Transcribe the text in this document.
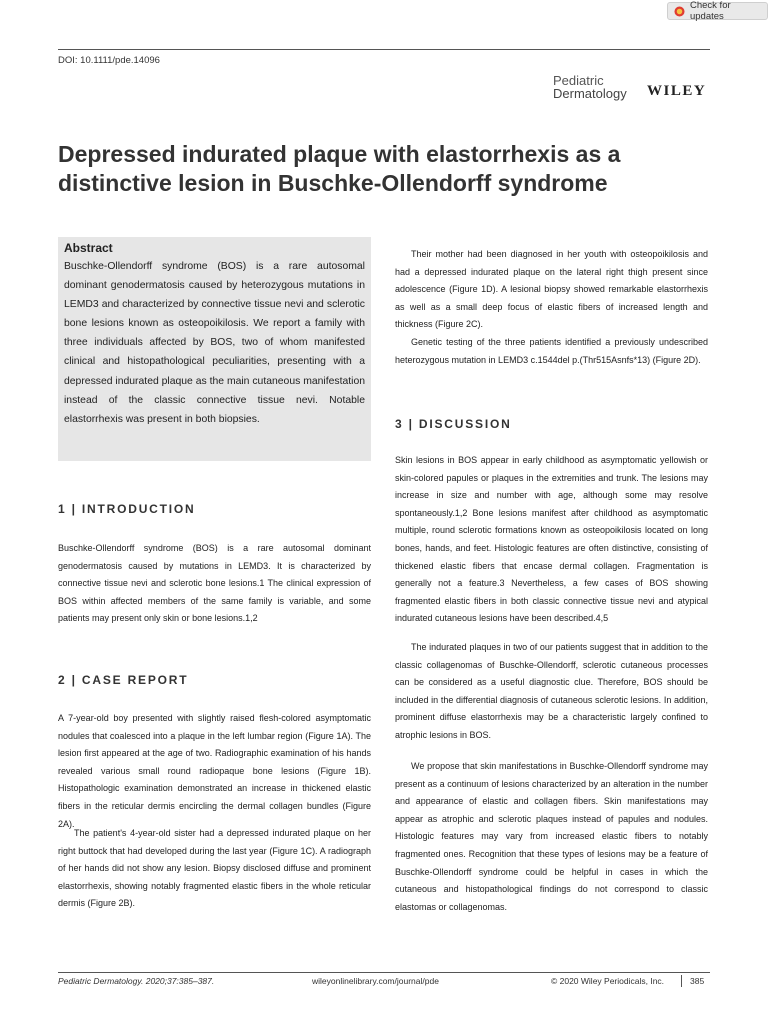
Check for updates
DOI: 10.1111/pde.14096
Pediatric
Dermatology WILEY
Depressed indurated plaque with elastorrhexis as a distinctive lesion in Buschke-Ollendorff syndrome
Abstract

Buschke-Ollendorff syndrome (BOS) is a rare autosomal dominant genodermatosis caused by heterozygous mutations in LEMD3 and characterized by connective tissue nevi and sclerotic bone lesions known as osteopoikilosis. We report a family with three individuals affected by BOS, two of whom manifested clinical and histopathological peculiarities, presenting with a depressed indurated plaque as the main cutaneous manifestation instead of the classic connective tissue nevi. Notable elastorrhexis was present in both biopsies.

1 | INTRODUCTION

Buschke-Ollendorff syndrome (BOS) is a rare autosomal dominant genodermatosis caused by mutations in LEMD3. It is characterized by connective tissue nevi and sclerotic bone lesions.1 The clinical expression of BOS within affected members of the same family is variable, and some patients may present only skin or bone lesions.1,2

2 | CASE REPORT

A 7-year-old boy presented with slightly raised flesh-colored asymptomatic nodules that coalesced into a plaque in the left lumbar region (Figure 1A). The lesion first appeared at the age of two. Radiographic examination of his hands revealed various small round radiopaque bone lesions (Figure 1B). Histopathologic examination demonstrated an increase in thickened elastic fibers in the reticular dermis encircling the dermal collagen bundles (Figure 2A).

The patient's 4-year-old sister had a depressed indurated plaque on her right buttock that had developed during the last year (Figure 1C). A radiograph of her hands did not show any lesion. Biopsy disclosed diffuse and prominent elastorrhexis, showing notably fragmented elastic fibers in the whole reticular dermis (Figure 2B).

Their mother had been diagnosed in her youth with osteopoikilosis and had a depressed indurated plaque on the lateral right thigh present since adolescence (Figure 1D). A lesional biopsy showed remarkable elastorrhexis as well as a small deep focus of elastic fibers of increased length and thickness (Figure 2C).

Genetic testing of the three patients identified a previously undescribed heterozygous mutation in LEMD3 c.1544del p.(Thr515Asnfs*13) (Figure 2D).

3 | DISCUSSION

Skin lesions in BOS appear in early childhood as asymptomatic yellowish or skin-colored papules or plaques in the extremities and trunk. The lesions may increase in size and number with age, although some may resolve spontaneously.1,2 Bone lesions manifest after childhood as asymptomatic multiple, round sclerotic formations known as osteopoikilosis located on long bones, hands, and feet. Histologic features are often distinctive, consisting of thickened elastic fibers that encase dermal collagen. Fragmentation is generally not a feature.3 Nevertheless, a few cases of BOS showing fragmented elastic fibers in both classic connective tissue nevi and atypical indurated cutaneous lesions have been described.4,5

The indurated plaques in two of our patients suggest that in addition to the classic collagenomas of Buschke-Ollendorff, sclerotic cutaneous processes can be considered as a useful diagnostic clue. Therefore, BOS should be included in the differential diagnosis of cutaneous sclerotic lesions. In addition, prominent diffuse elastorrhexis may be a characteristic largely confined to atrophic lesions in BOS.

We propose that skin manifestations in Buschke-Ollendorff syndrome may present as a continuum of lesions characterized by an alteration in the number and appearance of elastic and collagen fibers. Skin manifestations may appear as atrophic and sclerotic plaques instead of papules and nodules. Histologic features may vary from increased elastic fibers to notably fragmented ones. Recognition that these types of lesions may be a feature of Buschke-Ollendorff syndrome could be helpful in cases in which the cutaneous and histopathological findings do not correspond to classic elastomas or collagenomas.

Pediatric Dermatology. 2020;37:385–387.	wileyonlinelibrary.com/journal/pde	© 2020 Wiley Periodicals, Inc.	385
